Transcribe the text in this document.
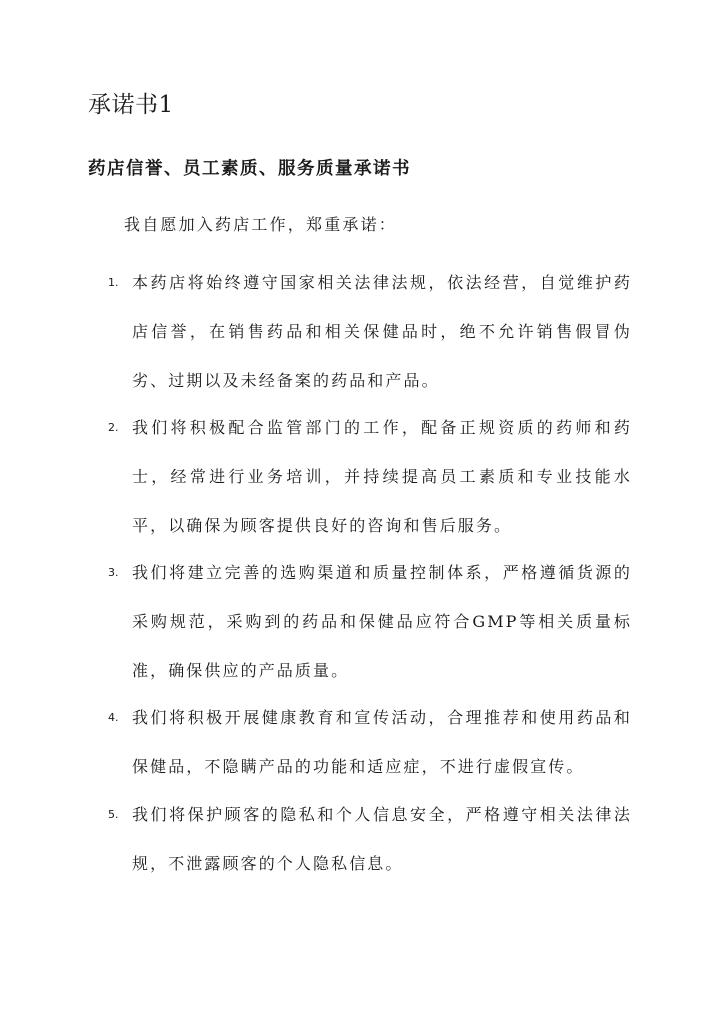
承诺书1
药店信誉、员工素质、服务质量承诺书

我自愿加入药店工作，郑重承诺：

1. 本药店将始终遵守国家相关法律法规，依法经营，自觉维护药店信誉，在销售药品和相关保健品时，绝不允许销售假冒伪劣、过期以及未经备案的药品和产品。

2. 我们将积极配合监管部门的工作，配备正规资质的药师和药士，经常进行业务培训，并持续提高员工素质和专业技能水平，以确保为顾客提供良好的咨询和售后服务。

3. 我们将建立完善的选购渠道和质量控制体系，严格遵循货源的采购规范，采购到的药品和保健品应符合GMP等相关质量标准，确保供应的产品质量。

4. 我们将积极开展健康教育和宣传活动，合理推荐和使用药品和保健品，不隐瞒产品的功能和适应症，不进行虚假宣传。

5. 我们将保护顾客的隐私和个人信息安全，严格遵守相关法律法规，不泄露顾客的个人隐私信息。
